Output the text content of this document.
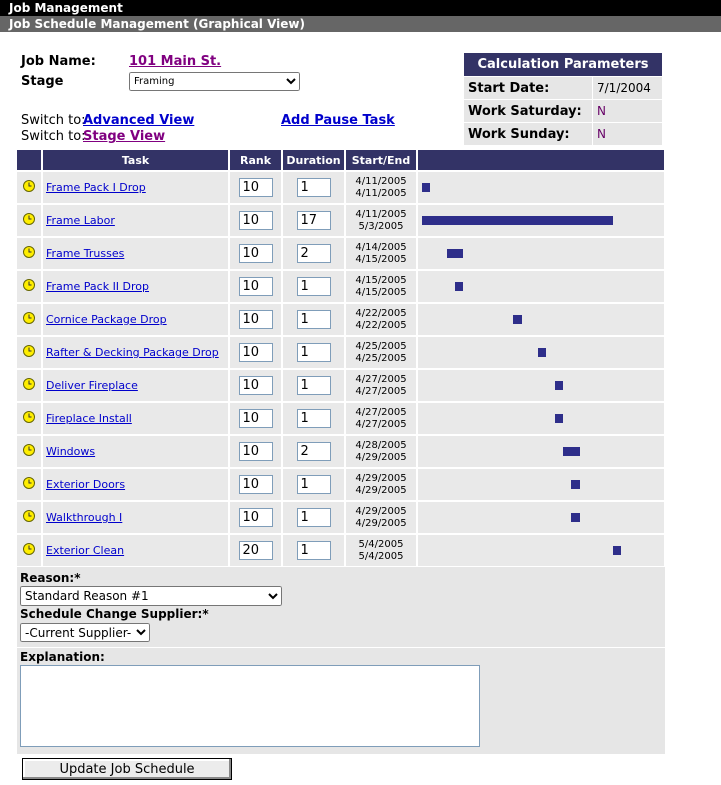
Job Management
Job Schedule Management (Graphical View)
Job Name:	101 Main St.
Stage
Framing
Switch to:
Advanced View
Switch to:
Stage View
Add Pause Task
Calculation Parameters	
Start Date:	7/1/2004
Work Saturday:	N
Work Sunday:	N
	Task	Rank	Duration	Start/End	
	Frame Pack I Drop	10	1	4/11/2005
4/11/2005	

	Frame Labor	10	17	4/11/2005
5/3/2005	

	Frame Trusses	10	2	4/14/2005
4/15/2005	

	Frame Pack II Drop	10	1	4/15/2005
4/15/2005	

	Cornice Package Drop	10	1	4/22/2005
4/22/2005	

	Rafter & Decking Package Drop	10	1	4/25/2005
4/25/2005	

	Deliver Fireplace	10	1	4/27/2005
4/27/2005	

	Fireplace Install	10	1	4/27/2005
4/27/2005	

	Windows	10	2	4/28/2005
4/29/2005	

	Exterior Doors	10	1	4/29/2005
4/29/2005	

	Walkthrough I	10	1	4/29/2005
4/29/2005	

	Exterior Clean	20	1	5/4/2005
5/4/2005	

Reason:*
Standard Reason #1
Schedule Change Supplier:*
-Current Supplier-
Explanation:
Update Job Schedule
